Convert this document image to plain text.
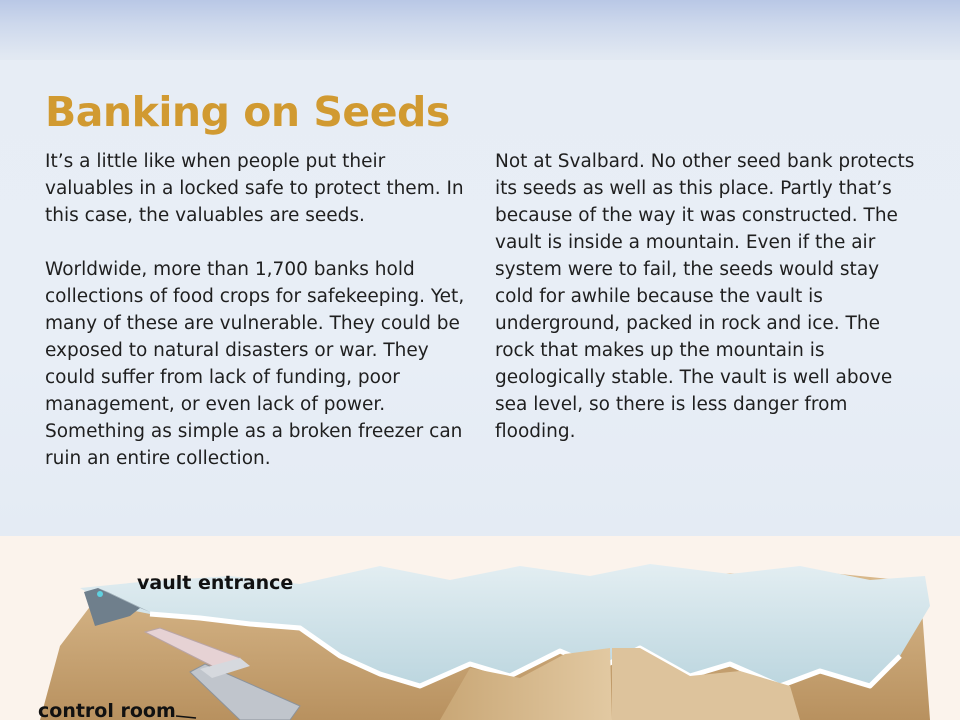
Banking on Seeds

It’s a little like when people put their valuables in a locked safe to protect them. In this case, the valuables are seeds.

Worldwide, more than 1,700 banks hold collections of food crops for safekeeping. Yet, many of these are vulnerable. They could be exposed to natural disasters or war. They could suffer from lack of funding, poor management, or even lack of power. Something as simple as a broken freezer can ruin an entire collection.

Not at Svalbard. No other seed bank protects its seeds as well as this place. Partly that’s because of the way it was constructed. The vault is inside a mountain. Even if the air system were to fail, the seeds would stay cold for awhile because the vault is underground, packed in rock and ice. The rock that makes up the mountain is geologically stable. The vault is well above sea level, so there is less danger from flooding.

vault entrance
control room
